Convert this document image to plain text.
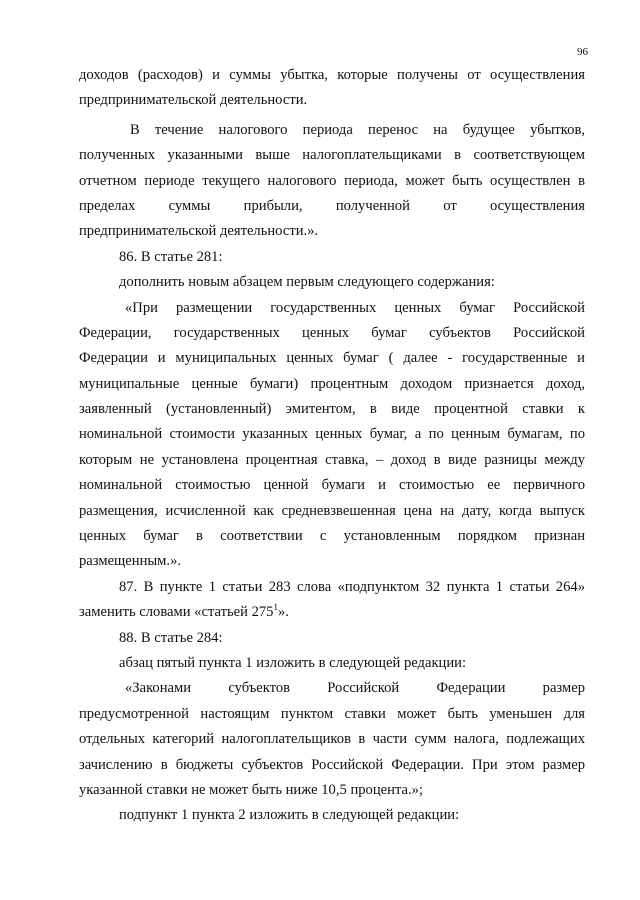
96
доходов (расходов) и суммы убытка, которые получены от осуществления
предпринимательской деятельности.
В течение налогового периода перенос на будущее убытков,
полученных указанными выше налогоплательщиками в соответствующем
отчетном периоде текущего налогового периода, может быть осуществлен в
пределах суммы прибыли, полученной от осуществления
предпринимательской деятельности.».
86. В статье 281:
дополнить новым абзацем первым следующего содержания:
«При размещении государственных ценных бумаг Российской
Федерации, государственных ценных бумаг субъектов Российской
Федерации и муниципальных ценных бумаг ( далее - государственные и
муниципальные ценные бумаги) процентным доходом признается доход,
заявленный (установленный) эмитентом, в виде процентной ставки к
номинальной стоимости указанных ценных бумаг, а по ценным бумагам, по
которым не установлена процентная ставка, – доход в виде разницы между
номинальной стоимостью ценной бумаги и стоимостью ее первичного
размещения, исчисленной как средневзвешенная цена на дату, когда выпуск
ценных бумаг в соответствии с установленным порядком признан
размещенным.».
87. В пункте 1 статьи 283 слова «подпунктом 32 пункта 1 статьи 264»
заменить словами «статьей $275^1$».
88. В статье 284:
абзац пятый пункта 1 изложить в следующей редакции:
«Законами субъектов Российской Федерации размер
предусмотренной настоящим пунктом ставки может быть уменьшен для
отдельных категорий налогоплательщиков в части сумм налога, подлежащих
зачислению в бюджеты субъектов Российской Федерации. При этом размер
указанной ставки не может быть ниже 10,5 процента.»;
подпункт 1 пункта 2 изложить в следующей редакции:
